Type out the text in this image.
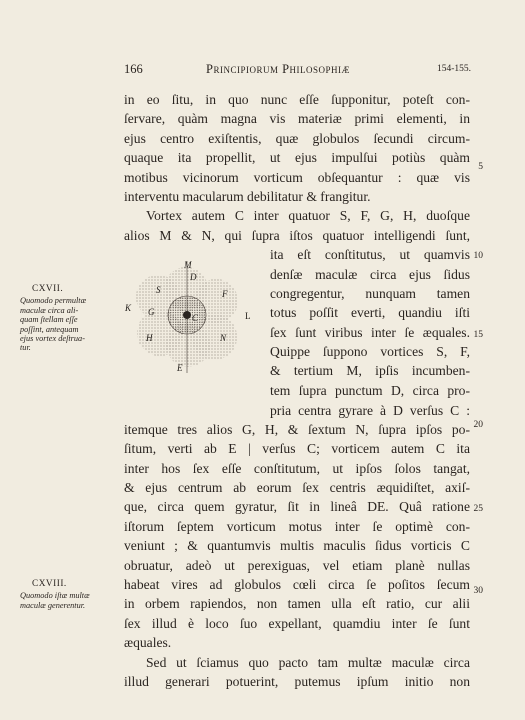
166	Principiorum Philosophiæ	154-155.
CXVII.
Quomodo permultæ
maculæ circa ali-
quam ſtellam eſſe
poſſint, antequam
ejus vortex deſtrua-
tur.
CXVIII.
Quomodo iſtæ multæ
maculæ generentur.
5
10
15
20
25
30
in eo ſitu, in quo nunc eſſe ſupponitur, poteſt con-
ſervare, quàm magna vis materiæ primi elementi, in
ejus centro exiſtentis, quæ globulos ſecundi circum-
quaque ita propellit, ut ejus impulſui potiùs quàm
motibus vicinorum vorticum obſequantur : quæ vis
interventu macularum debilitatur & frangitur.
Vortex autem C inter quatuor S, F, G, H, duoſque
alios M & N, qui ſupra iſtos quatuor intelligendi ſunt,
M
D
S	F
K G
C	L
H	N
E
ita eſt conſtitutus, ut quamvis
denſæ maculæ circa ejus ſidus
congregentur, nunquam tamen
totus poſſit everti, quandiu iſti
ſex ſunt viribus inter ſe æquales.
Quippe ſuppono vortices S, F,
& tertium M, ipſis incumben-
tem ſupra punctum D, circa pro-
pria centra gyrare à D verſus C :
itemque tres alios G, H, & ſextum N, ſupra ipſos po-
ſitum, verti ab E | verſus C; vorticem autem C ita
inter hos ſex eſſe conſtitutum, ut ipſos ſolos tangat,
& ejus centrum ab eorum ſex centris æquidiſtet, axiſ-
que, circa quem gyratur, ſit in lineâ DE. Quâ ratione
iſtorum ſeptem vorticum motus inter ſe optimè con-
veniunt ; & quantumvis multis maculis ſidus vorticis C
obruatur, adeò ut perexiguas, vel etiam planè nullas
habeat vires ad globulos cœli circa ſe poſitos ſecum
in orbem rapiendos, non tamen ulla eſt ratio, cur alii
ſex illud è loco ſuo expellant, quamdiu inter ſe ſunt
æquales.
Sed ut ſciamus quo pacto tam multæ maculæ circa
illud generari potuerint, putemus ipſum initio non
